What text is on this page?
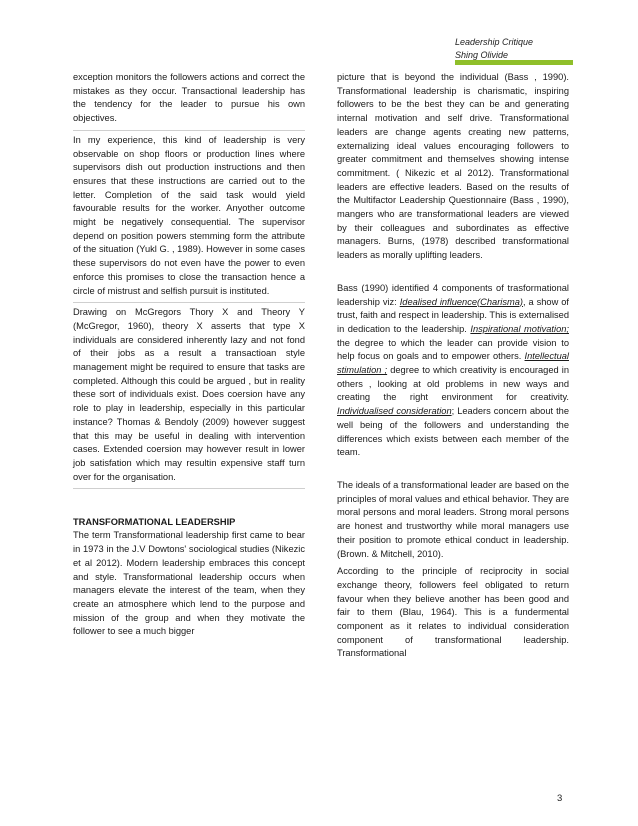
Leadership Critique
Shing Olivide

exception monitors the followers actions and correct the mistakes as they occur. Transactional leadership has the tendency for the leader to pursue his own objectives.

In my experience, this kind of leadership is very observable on shop floors or production lines where supervisors dish out production instructions and then ensures that these instructions are carried out to the letter. Completion of the said task would yield favourable results for the worker. Anyother outcome might be negatively consequential. The supervisor depend on position powers stemming form the attribute of the situation (Yukl G. , 1989). However in some cases these supervisors do not even have the power to even enforce this promises to close the transaction hence a circle of mistrust and selfish pursuit is instituted.

Drawing on McGregors Thory X and Theory Y (McGregor, 1960), theory X asserts that type X individuals are considered inherently lazy and not fond of their jobs as a result a transactioan style management might be required to ensure that tasks are completed. Although this could be argued , but in reality these sort of individuals exist. Does coersion have any role to play in leadership, especially in this particular instance? Thomas & Bendoly (2009) however suggest that this may be useful in dealing with intervention cases. Extended coersion may however result in lower job satisfation which may resultin expensive staff turn over for the organisation.

TRANSFORMATIONAL LEADERSHIP

The term Transformational leadership first came to bear in 1973 in the J.V Dowtons' sociological studies (Nikezic et al 2012). Modern leadership embraces this concept and style. Transformational leadership occurs when managers elevate the interest of the team, when they create an atmosphere which lend to the purpose and mission of the group and when they motivate the follower to see a much bigger

picture that is beyond the individual (Bass , 1990). Transformational leadership is charismatic, inspiring followers to be the best they can be and generating internal motivation and self drive. Transformational leaders are change agents creating new patterns, externalizing ideal values encouraging followers to greater commitment and themselves showing intense commitment. ( Nikezic et al 2012). Transformational leaders are effective leaders. Based on the results of the Multifactor Leadership Questionnaire (Bass , 1990), mangers who are transformational leaders are viewed by their colleagues and subordinates as effective managers. Burns, (1978) described transformational leaders as morally uplifting leaders.

Bass (1990) identified 4 components of trasformational leadership viz: Idealised influence(Charisma), a show of trust, faith and respect in leadership. This is externalised in dedication to the leadership. Inspirational motivation; the degree to which the leader can provide vision to help focus on goals and to empower others. Intellectual stimulation ; degree to which creativity is encouraged in others , looking at old problems in new ways and creating the right environment for creativity. Individualised consideration; Leaders concern about the well being of the followers and understanding the differences which exists between each member of the team.

The ideals of a transformational leader are based on the principles of moral values and ethical behavior. They are moral persons and moral leaders. Strong moral persons are honest and trustworthy while moral managers use their position to promote ethical conduct in leadership. (Brown. & Mitchell, 2010).

According to the principle of reciprocity in social exchange theory, followers feel obligated to return favour when they believe another has been good and fair to them (Blau, 1964). This is a fundermental component as it relates to individual consideration component of transformational leadership. Transformational

3
